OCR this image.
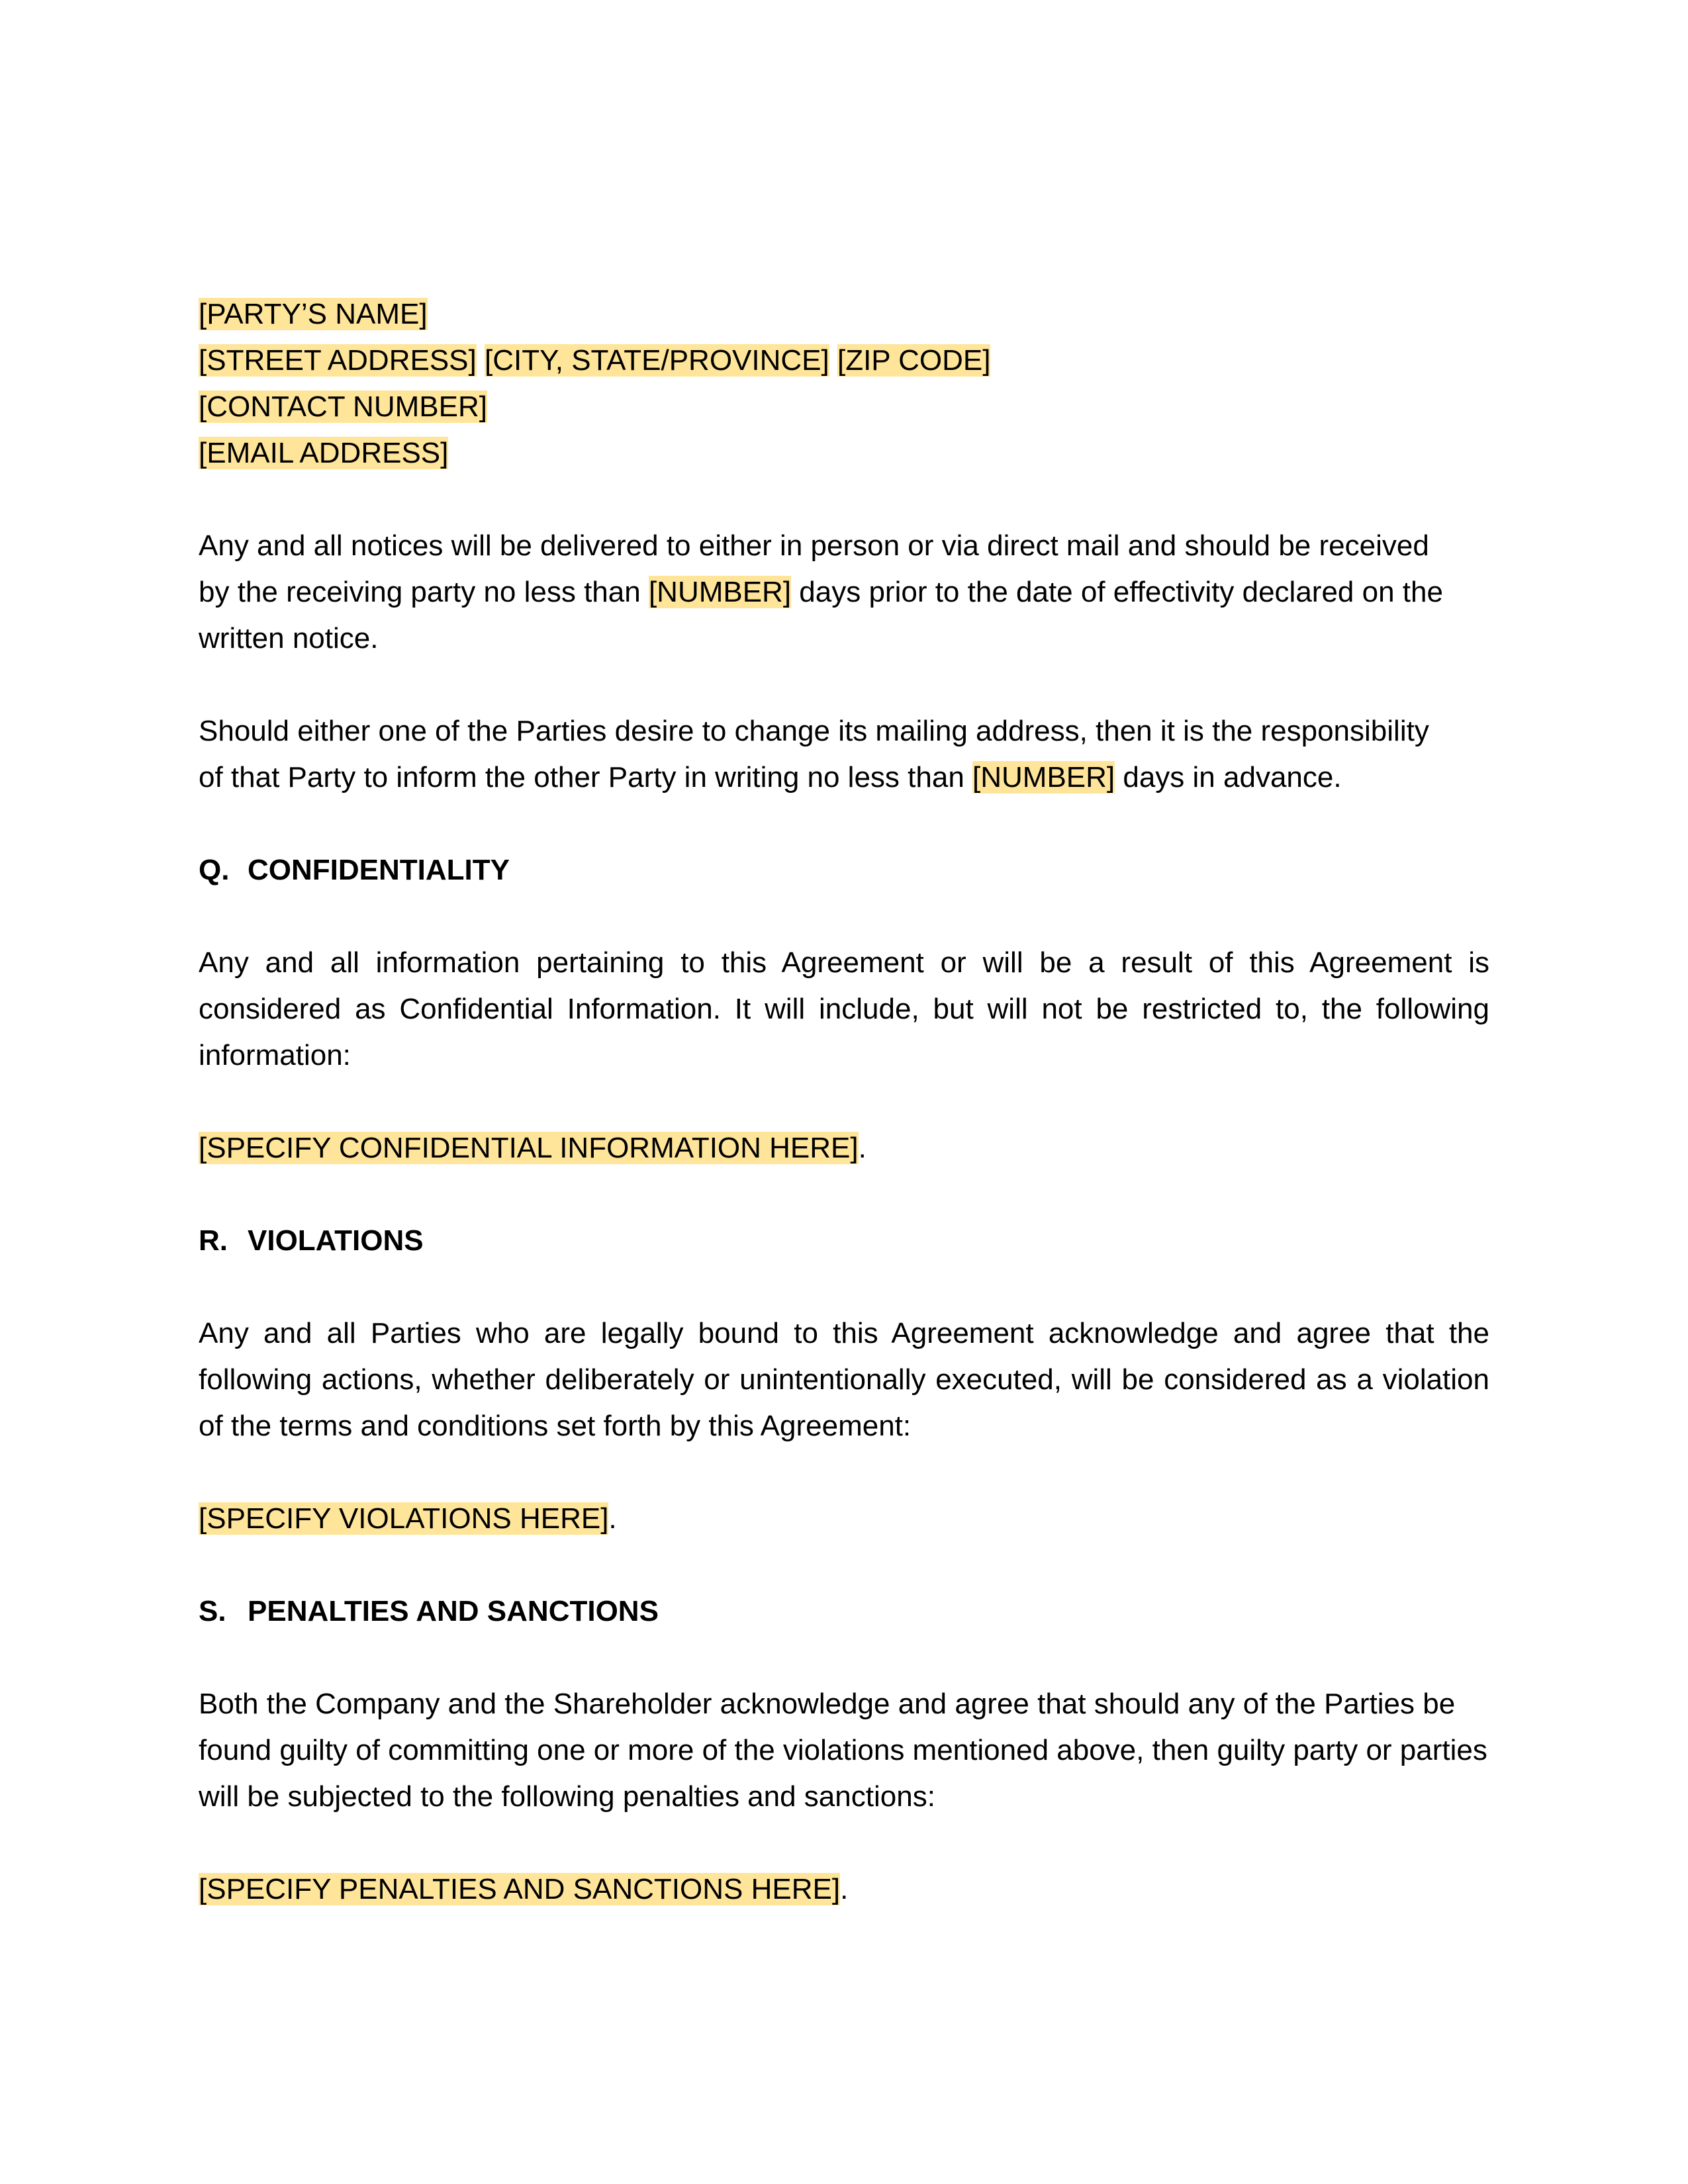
[PARTY’S NAME]
[STREET ADDRESS] [CITY, STATE/PROVINCE] [ZIP CODE]
[CONTACT NUMBER]
[EMAIL ADDRESS]
Any and all notices will be delivered to either in person or via direct mail and should be received
by the receiving party no less than [NUMBER] days prior to the date of effectivity declared on the
written notice.
Should either one of the Parties desire to change its mailing address, then it is the responsibility
of that Party to inform the other Party in writing no less than [NUMBER] days in advance.
Q. CONFIDENTIALITY
Any and all information pertaining to this Agreement or will be a result of this Agreement is considered as Confidential Information. It will include, but will not be restricted to, the following information:
[SPECIFY CONFIDENTIAL INFORMATION HERE].
R. VIOLATIONS
Any and all Parties who are legally bound to this Agreement acknowledge and agree that the following actions, whether deliberately or unintentionally executed, will be considered as a violation of the terms and conditions set forth by this Agreement:
[SPECIFY VIOLATIONS HERE].
S. PENALTIES AND SANCTIONS
Both the Company and the Shareholder acknowledge and agree that should any of the Parties be found guilty of committing one or more of the violations mentioned above, then guilty party or parties will be subjected to the following penalties and sanctions:
[SPECIFY PENALTIES AND SANCTIONS HERE].
